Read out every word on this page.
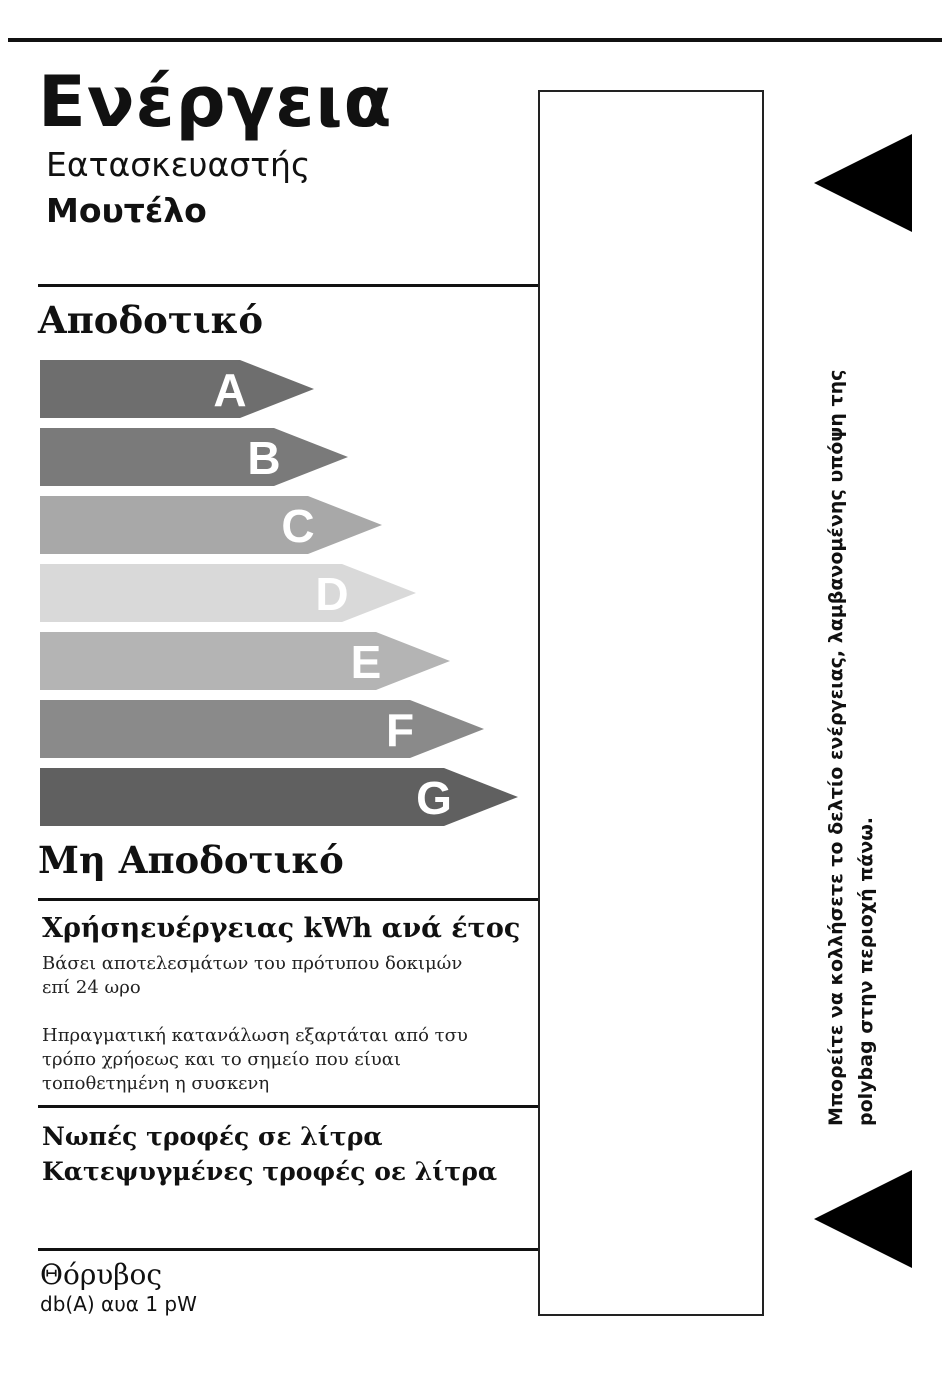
Ενέργεια
Εατασκευαστής
Μουτέλο
Αποδοτικό
A
B
C
D
E
F
G
Μη Αποδοτικό
Χρήσηευέργειας kWh ανά έτος
Βάσει αποτελεσμάτων του πρότυπου δοκιμών
επί 24 ωρο
Ηπραγματική κατανάλωση εξαρτάται από τσυ
τρόπο χρήοεως και το σημείο που είυαι
τοποθετημένη η συσκενη
Νωπές τροφές σε λίτρα
Κατεψυγμένες τροφές οε λίτρα
Θόρυβος
db(A) αυα 1 pW
Μπορείτε να κολλήσετε το δελτίο ενέργειας, λαμβανομένης υπόψη της polybag στην περιοχή πάνω.
